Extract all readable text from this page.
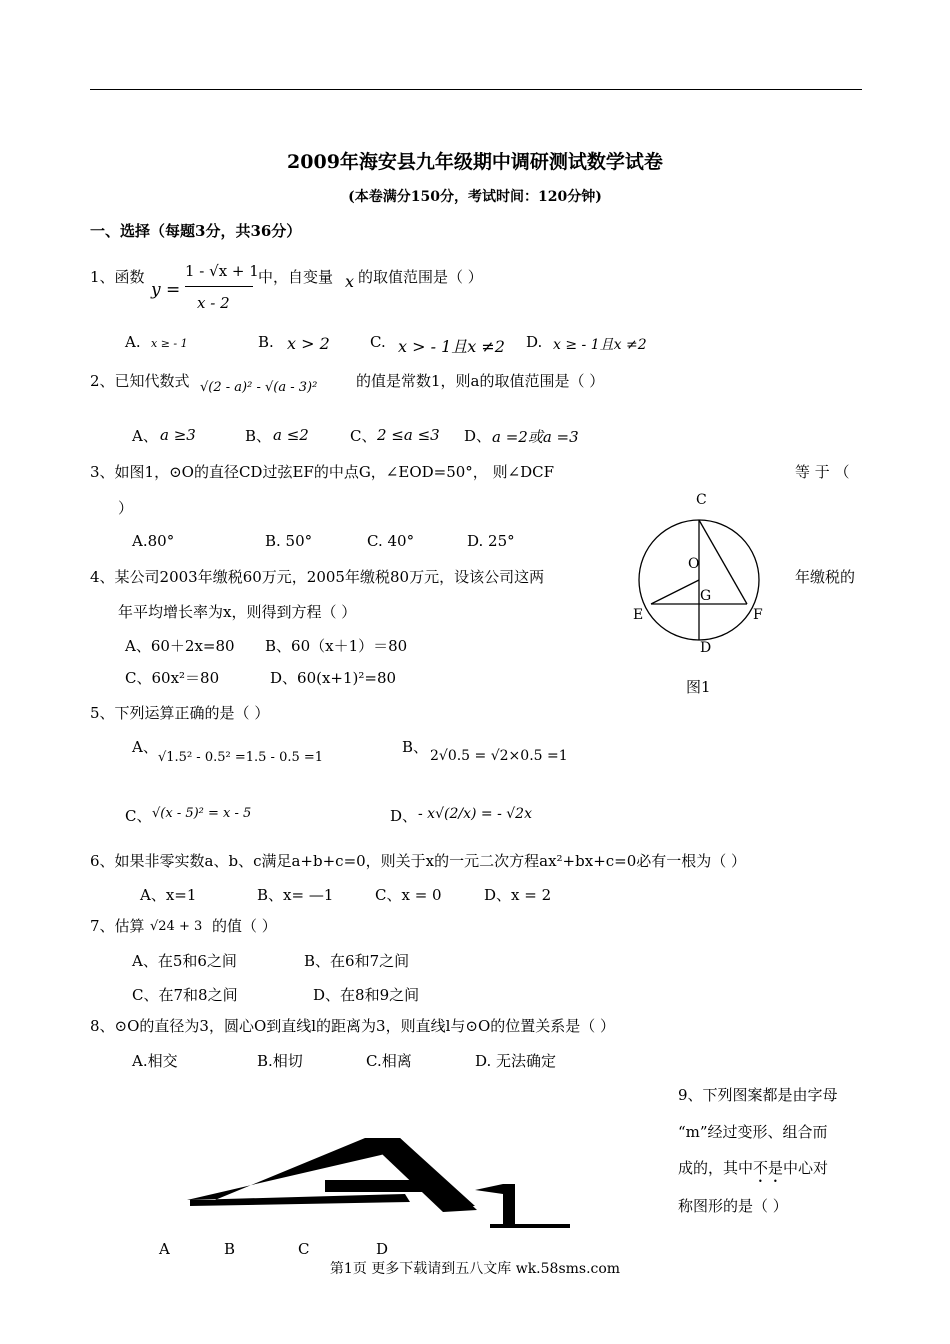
2009年海安县九年级期中调研测试数学试卷
(本卷满分150分，考试时间：120分钟)
一、选择（每题3分，共36分）
1、函数
y =
1 - √x + 1
x - 2
中，自变量 x 的取值范围是（ ）
A. x ≥ - 1	B. x > 2	C. x > - 1且x ≠2 D. x ≥ - 1且x ≠2
2、已知代数式 √(2 - a)² - √(a - 3)²	的值是常数1，则a的取值范围是（ ）
A、 a ≥3	B、 a ≤2	C、 2 ≤a ≤3 D、 a =2或a =3
3、如图1，⊙O的直径CD过弦EF的中点G，∠EOD=50°， 则∠DCF	等 于 （
）
A.80°	B. 50°	C. 40°	D. 25°
C
O
G
E	F
D
图1
4、某公司2003年缴税60万元，2005年缴税80万元，设该公司这两	年缴税的
年平均增长率为x，则得到方程（ ）
A、60＋2x=80 B、60（x＋1）＝80
C、60x²＝80	D、60(x+1)²=80
5、下列运算正确的是（ ）
A、
√1.5² - 0.5² =1.5 - 0.5 =1
B、 2√0.5 = √2×0.5 =1
C、 √(x - 5)² = x - 5	D、 - x√(2/x) = - √2x
6、如果非零实数a、b、c满足a+b+c=0，则关于x的一元二次方程ax²+bx+c=0必有一根为（ ）
A、x=1	B、x= —1	C、x = 0	D、x = 2
7、估算 √24 + 3 的值（ ）
A、在5和6之间	B、在6和7之间
C、在7和8之间	D、在8和9之间
8、⊙O的直径为3，圆心O到直线l的距离为3，则直线l与⊙O的位置关系是（ ）
A.相交	B.相切	C.相离	D. 无法确定
9、下列图案都是由字母
“m”经过变形、组合而
成的，其中不是中心对
称图形的是（ ）
A	B	C	D
第1页 更多下载请到五八文库 wk.58sms.com
